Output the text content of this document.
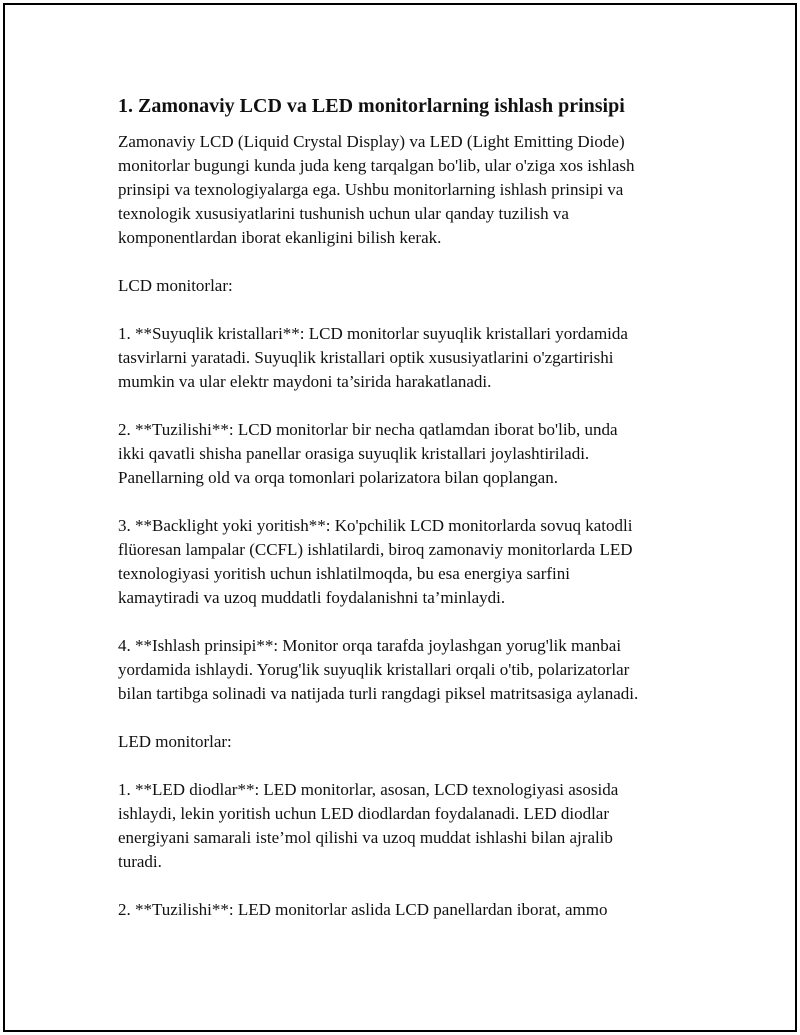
1. Zamonaviy LCD va LED monitorlarning ishlash prinsipi

Zamonaviy LCD (Liquid Crystal Display) va LED (Light Emitting Diode)
monitorlar bugungi kunda juda keng tarqalgan bo'lib, ular o'ziga xos ishlash
prinsipi va texnologiyalarga ega. Ushbu monitorlarning ishlash prinsipi va
texnologik xususiyatlarini tushunish uchun ular qanday tuzilish va
komponentlardan iborat ekanligini bilish kerak.

LCD monitorlar:

1. **Suyuqlik kristallari**: LCD monitorlar suyuqlik kristallari yordamida
tasvirlarni yaratadi. Suyuqlik kristallari optik xususiyatlarini o'zgartirishi
mumkin va ular elektr maydoni ta’sirida harakatlanadi.

2. **Tuzilishi**: LCD monitorlar bir necha qatlamdan iborat bo'lib, unda
ikki qavatli shisha panellar orasiga suyuqlik kristallari joylashtiriladi.
Panellarning old va orqa tomonlari polarizatora bilan qoplangan.

3. **Backlight yoki yoritish**: Ko'pchilik LCD monitorlarda sovuq katodli
flüoresan lampalar (CCFL) ishlatilardi, biroq zamonaviy monitorlarda LED
texnologiyasi yoritish uchun ishlatilmoqda, bu esa energiya sarfini
kamaytiradi va uzoq muddatli foydalanishni ta’minlaydi.

4. **Ishlash prinsipi**: Monitor orqa tarafda joylashgan yorug'lik manbai
yordamida ishlaydi. Yorug'lik suyuqlik kristallari orqali o'tib, polarizatorlar
bilan tartibga solinadi va natijada turli rangdagi piksel matritsasiga aylanadi.

LED monitorlar:

1. **LED diodlar**: LED monitorlar, asosan, LCD texnologiyasi asosida
ishlaydi, lekin yoritish uchun LED diodlardan foydalanadi. LED diodlar
energiyani samarali iste’mol qilishi va uzoq muddat ishlashi bilan ajralib
turadi.

2. **Tuzilishi**: LED monitorlar aslida LCD panellardan iborat, ammo
